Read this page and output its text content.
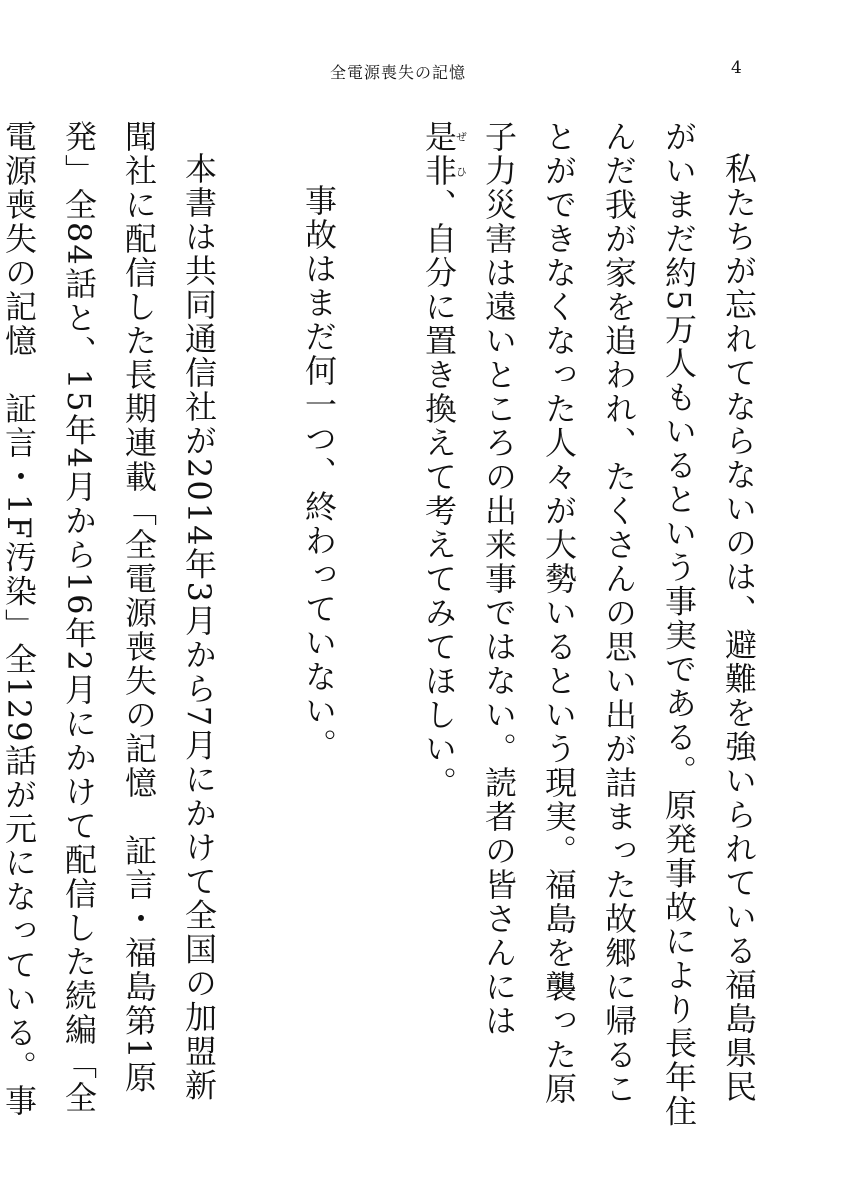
全電源喪失の記憶	4

私たちが忘れてならないのは、避難を強いられている福島県民がいまだ約5万人もいるという事実である。原発事故により長年住んだ我が家を追われ、たくさんの思い出が詰まった故郷に帰ることができなくなった人々が大勢いるという現実。福島を襲った原子力災害は遠いところの出来事ではない。読者の皆さんには是非ぜひ、自分に置き換えて考えてみてほしい。

事故はまだ何一つ、終わっていない。

本書は共同通信社が2014年3月から7月にかけて全国の加盟新聞社に配信した長期連載「全電源喪失の記憶　証言・福島第1原発」全84話と、15年4月から16年2月にかけて配信した続編「全電源喪失の記憶　証言・1F汚染」全129話が元になっている。事
